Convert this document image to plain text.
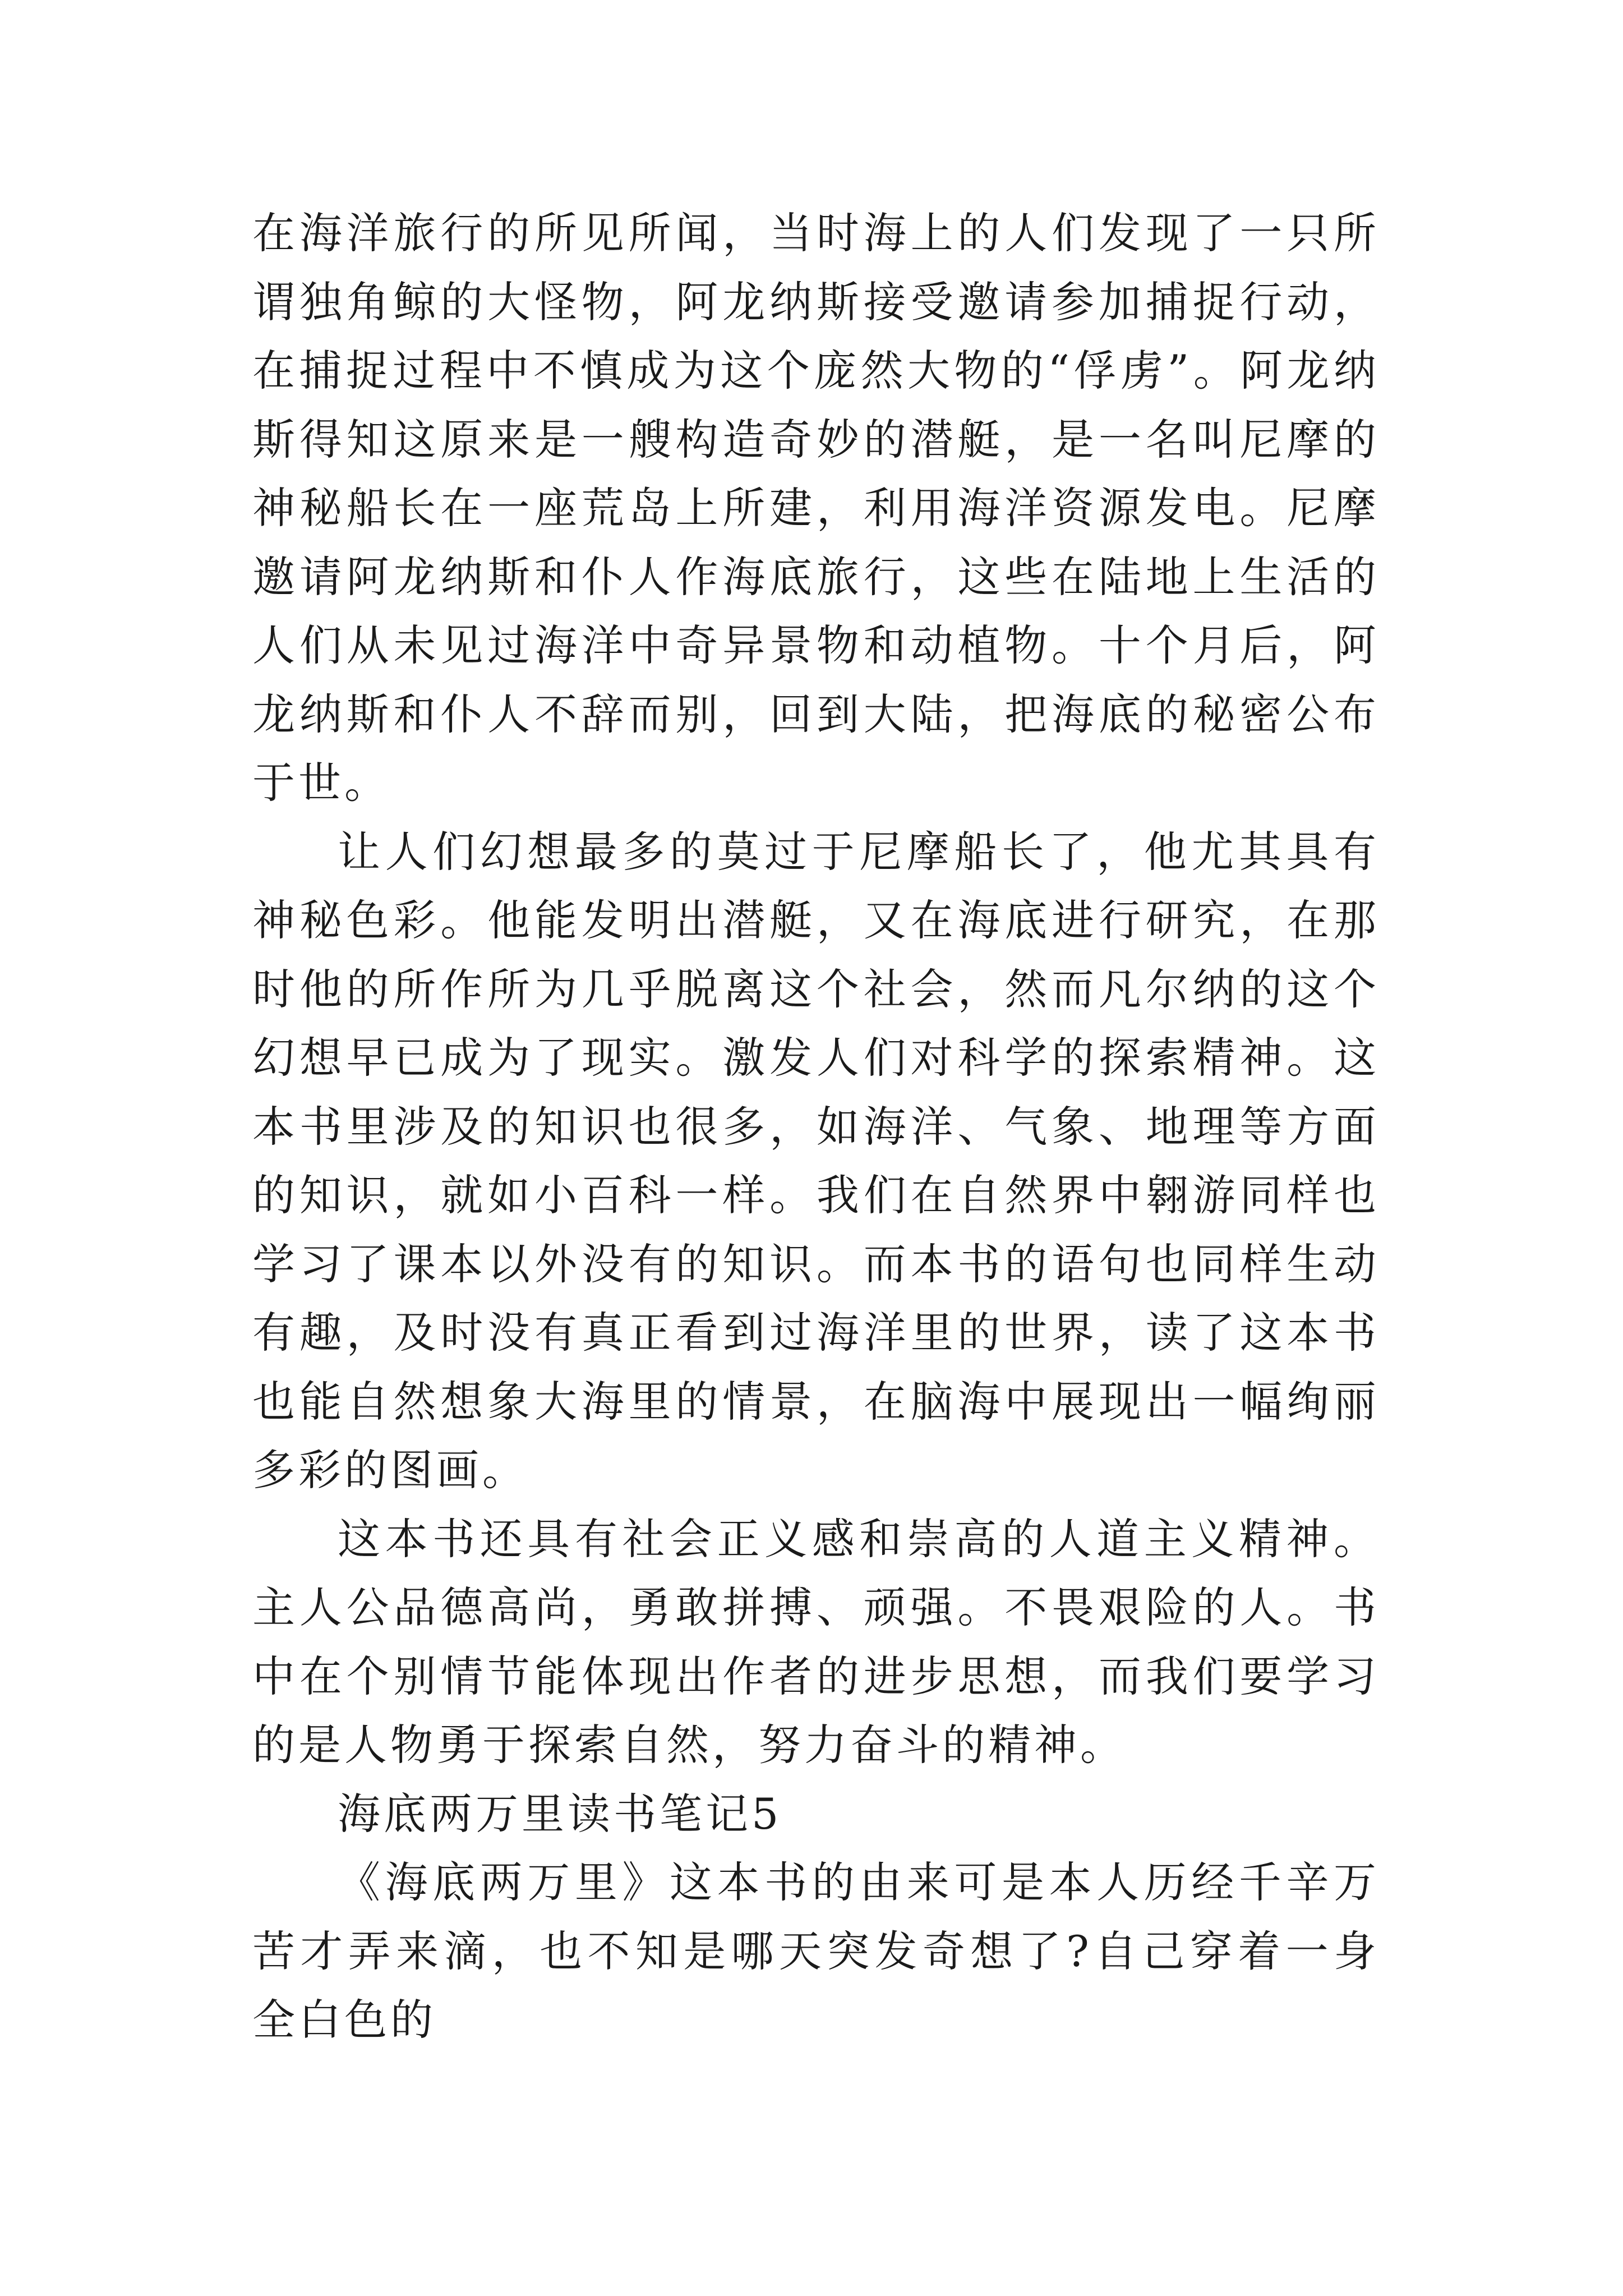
在海洋旅行的所见所闻，当时海上的人们发现了一只所谓独角鲸的大怪物，阿龙纳斯接受邀请参加捕捉行动，在捕捉过程中不慎成为这个庞然大物的“俘虏”。阿龙纳斯得知这原来是一艘构造奇妙的潜艇，是一名叫尼摩的神秘船长在一座荒岛上所建，利用海洋资源发电。尼摩邀请阿龙纳斯和仆人作海底旅行，这些在陆地上生活的人们从未见过海洋中奇异景物和动植物。十个月后，阿龙纳斯和仆人不辞而别，回到大陆，把海底的秘密公布于世。

让人们幻想最多的莫过于尼摩船长了，他尤其具有神秘色彩。他能发明出潜艇，又在海底进行研究，在那时他的所作所为几乎脱离这个社会，然而凡尔纳的这个幻想早已成为了现实。激发人们对科学的探索精神。这本书里涉及的知识也很多，如海洋、气象、地理等方面的知识，就如小百科一样。我们在自然界中翱游同样也学习了课本以外没有的知识。而本书的语句也同样生动有趣，及时没有真正看到过海洋里的世界，读了这本书也能自然想象大海里的情景，在脑海中展现出一幅绚丽多彩的图画。

这本书还具有社会正义感和崇高的人道主义精神。主人公品德高尚，勇敢拼搏、顽强。不畏艰险的人。书中在个别情节能体现出作者的进步思想，而我们要学习的是人物勇于探索自然，努力奋斗的精神。

海底两万里读书笔记5

《海底两万里》这本书的由来可是本人历经千辛万苦才弄来滴，也不知是哪天突发奇想了?自己穿着一身全白色的
